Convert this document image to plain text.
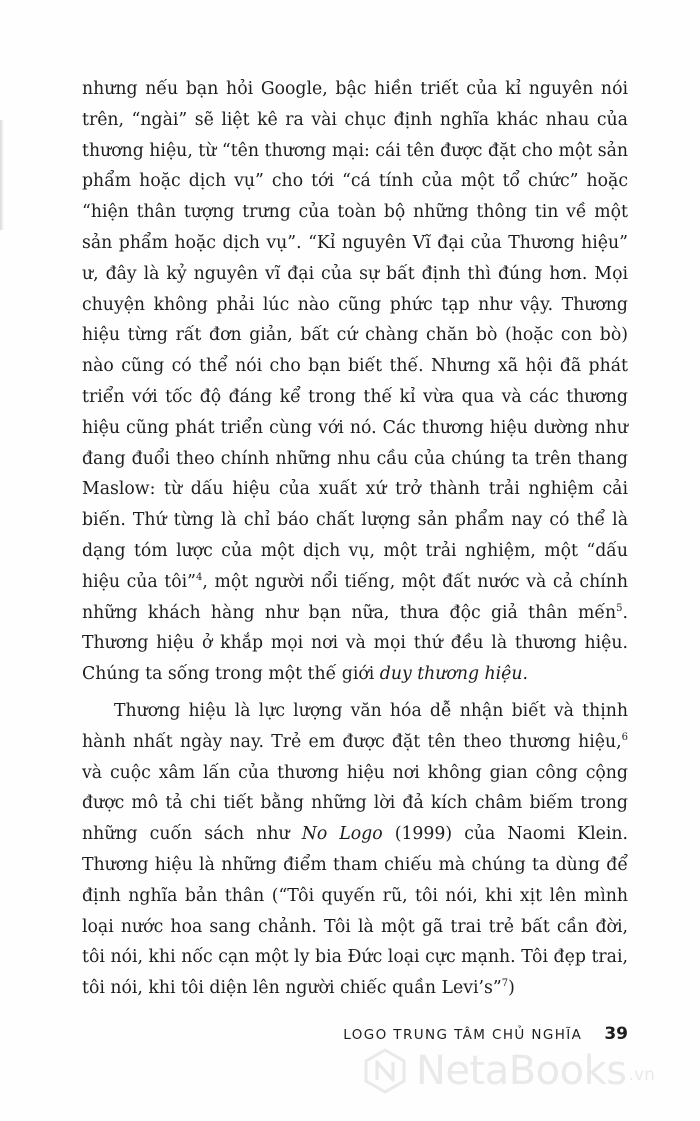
nhưng nếu bạn hỏi Google, bậc hiền triết của kỉ nguyên nói trên, “ngài” sẽ liệt kê ra vài chục định nghĩa khác nhau của thương hiệu, từ “tên thương mại: cái tên được đặt cho một sản phẩm hoặc dịch vụ” cho tới “cá tính của một tổ chức” hoặc “hiện thân tượng trưng của toàn bộ những thông tin về một sản phẩm hoặc dịch vụ”. “Kỉ nguyên Vĩ đại của Thương hiệu” ư, đây là kỷ nguyên vĩ đại của sự bất định thì đúng hơn. Mọi chuyện không phải lúc nào cũng phức tạp như vậy. Thương hiệu từng rất đơn giản, bất cứ chàng chăn bò (hoặc con bò) nào cũng có thể nói cho bạn biết thế. Nhưng xã hội đã phát triển với tốc độ đáng kể trong thế kỉ vừa qua và các thương hiệu cũng phát triển cùng với nó. Các thương hiệu dường như đang đuổi theo chính những nhu cầu của chúng ta trên thang Maslow: từ dấu hiệu của xuất xứ trở thành trải nghiệm cải biến. Thứ từng là chỉ báo chất lượng sản phẩm nay có thể là dạng tóm lược của một dịch vụ, một trải nghiệm, một “dấu hiệu của tôi”$^4$, một người nổi tiếng, một đất nước và cả chính những khách hàng như bạn nữa, thưa độc giả thân mến$^5$. Thương hiệu ở khắp mọi nơi và mọi thứ đều là thương hiệu. Chúng ta sống trong một thế giới duy thương hiệu.

Thương hiệu là lực lượng văn hóa dễ nhận biết và thịnh hành nhất ngày nay. Trẻ em được đặt tên theo thương hiệu,$^6$ và cuộc xâm lấn của thương hiệu nơi không gian công cộng được mô tả chi tiết bằng những lời đả kích châm biếm trong những cuốn sách như No Logo (1999) của Naomi Klein. Thương hiệu là những điểm tham chiếu mà chúng ta dùng để định nghĩa bản thân (“Tôi quyến rũ, tôi nói, khi xịt lên mình loại nước hoa sang chảnh. Tôi là một gã trai trẻ bất cần đời, tôi nói, khi nốc cạn một ly bia Đức loại cực mạnh. Tôi đẹp trai, tôi nói, khi tôi diện lên người chiếc quần Levi’s”$^7$)

LOGO TRUNG TÂM CHỦ NGHĨA 39
NetaBooks .vn
